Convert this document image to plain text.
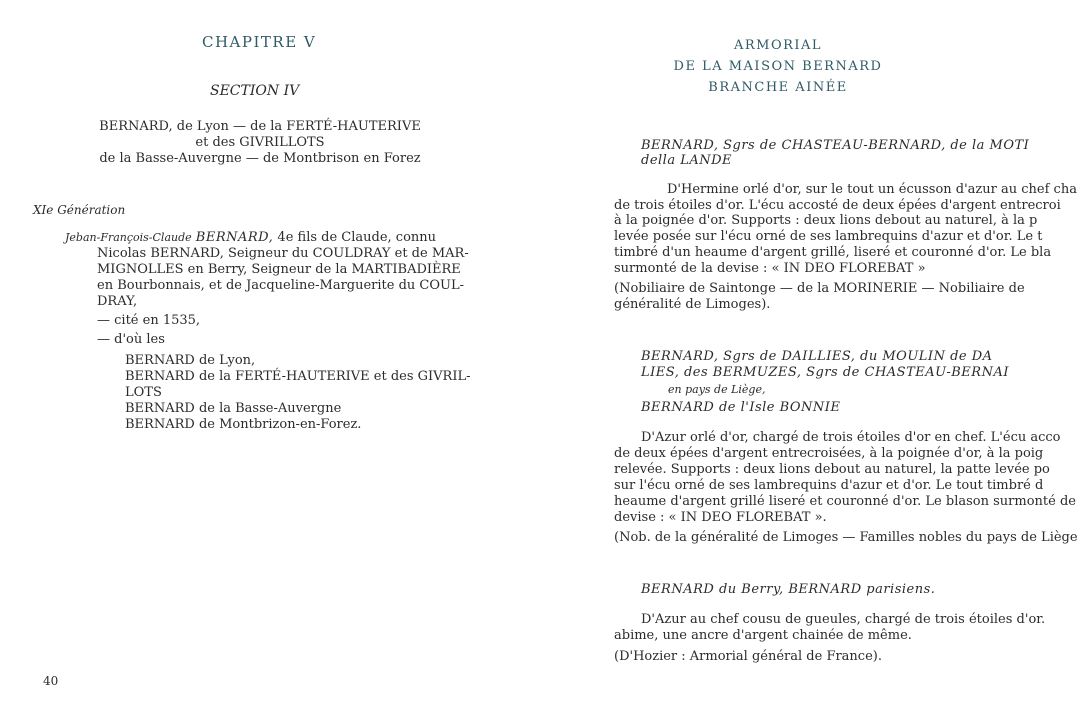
CHAPITRE V
SECTION IV
BERNARD, de Lyon — de la FERTÉ-HAUTERIVE
et des GIVRILLOTS
de la Basse-Auvergne — de Montbrison en Forez
XIe Génération
Jeban-François-Claude BERNARD, 4e fils de Claude, connu
Nicolas BERNARD, Seigneur du COULDRAY et de MAR-
MIGNOLLES en Berry, Seigneur de la MARTIBADIÈRE
en Bourbonnais, et de Jacqueline-Marguerite du COUL-
DRAY,
— cité en 1535,
— d'où les
BERNARD de Lyon,
BERNARD de la FERTÉ-HAUTERIVE et des GIVRIL-
LOTS
BERNARD de la Basse-Auvergne
BERNARD de Montbrizon-en-Forez.
40
ARMORIAL
DE LA MAISON BERNARD
BRANCHE AINÉE
BERNARD, Sgrs de CHASTEAU-BERNARD, de la MOTI
della LANDE
D'Hermine orlé d'or, sur le tout un écusson d'azur au chef cha
de trois étoiles d'or. L'écu accosté de deux épées d'argent entrecroi
à la poignée d'or. Supports : deux lions debout au naturel, à la p
levée posée sur l'écu orné de ses lambrequins d'azur et d'or. Le t
timbré d'un heaume d'argent grillé, liseré et couronné d'or. Le bla
surmonté de la devise : « IN DEO FLOREBAT »
(Nobiliaire de Saintonge — de la MORINERIE — Nobiliaire de
généralité de Limoges).
BERNARD, Sgrs de DAILLIES, du MOULIN de DA
LIES, des BERMUZES, Sgrs de CHASTEAU-BERNAI
en pays de Liège,
BERNARD de l'Isle BONNIE
D'Azur orlé d'or, chargé de trois étoiles d'or en chef. L'écu acco
de deux épées d'argent entrecroisées, à la poignée d'or, à la poig
relevée. Supports : deux lions debout au naturel, la patte levée po
sur l'écu orné de ses lambrequins d'azur et d'or. Le tout timbré d
heaume d'argent grillé liseré et couronné d'or. Le blason surmonté de
devise : « IN DEO FLOREBAT ».
(Nob. de la généralité de Limoges — Familles nobles du pays de Liège
BERNARD du Berry, BERNARD parisiens.
D'Azur au chef cousu de gueules, chargé de trois étoiles d'or.
abime, une ancre d'argent chainée de même.
(D'Hozier : Armorial général de France).
